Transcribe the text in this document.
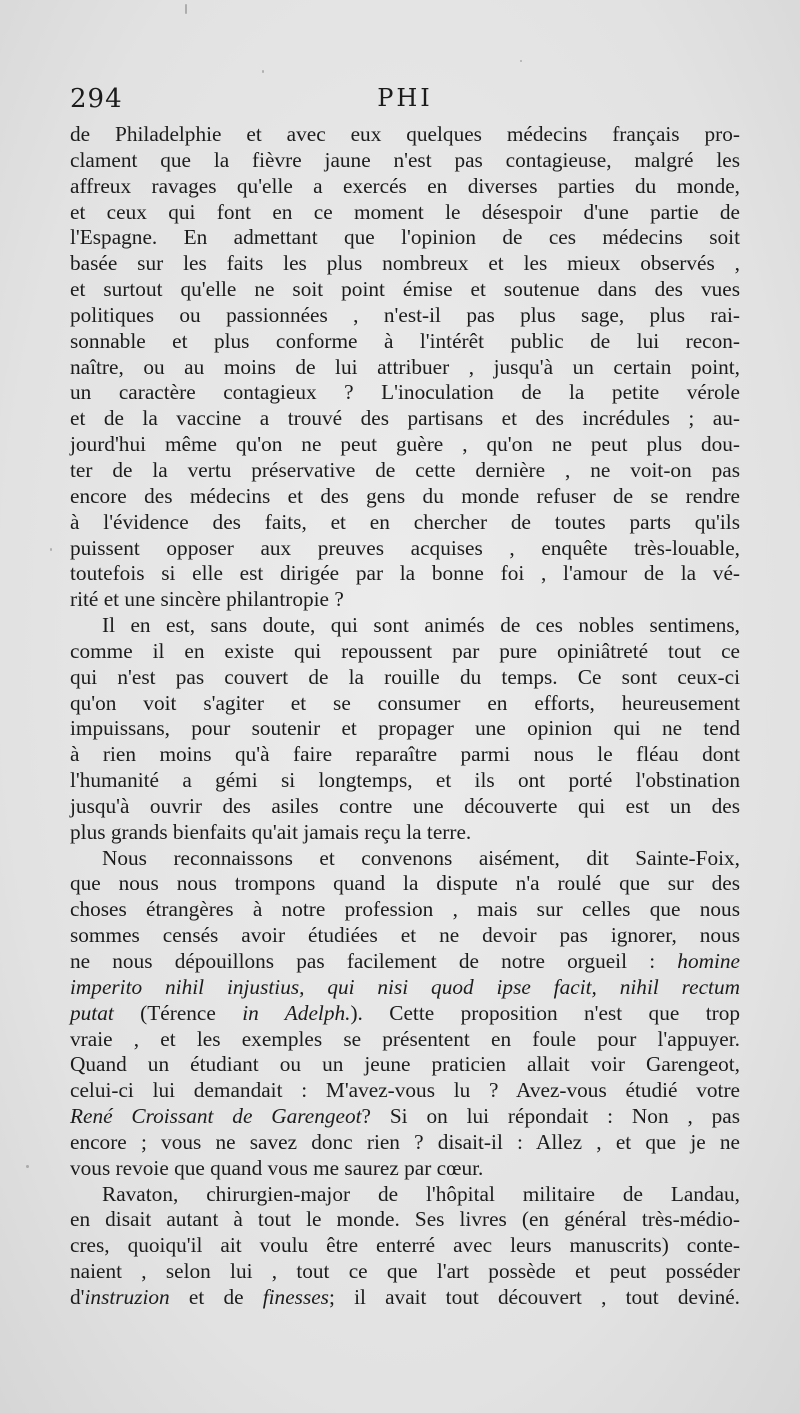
294	PHI
de Philadelphie et avec eux quelques médecins français pro-
clament que la fièvre jaune n'est pas contagieuse, malgré les
affreux ravages qu'elle a exercés en diverses parties du monde,
et ceux qui font en ce moment le désespoir d'une partie de
l'Espagne. En admettant que l'opinion de ces médecins soit
basée sur les faits les plus nombreux et les mieux observés ,
et surtout qu'elle ne soit point émise et soutenue dans des vues
politiques ou passionnées , n'est-il pas plus sage, plus rai-
sonnable et plus conforme à l'intérêt public de lui recon-
naître, ou au moins de lui attribuer , jusqu'à un certain point,
un caractère contagieux ? L'inoculation de la petite vérole
et de la vaccine a trouvé des partisans et des incrédules ; au-
jourd'hui même qu'on ne peut guère , qu'on ne peut plus dou-
ter de la vertu préservative de cette dernière , ne voit-on pas
encore des médecins et des gens du monde refuser de se rendre
à l'évidence des faits, et en chercher de toutes parts qu'ils
puissent opposer aux preuves acquises , enquête très-louable,
toutefois si elle est dirigée par la bonne foi , l'amour de la vé-
rité et une sincère philantropie ?
Il en est, sans doute, qui sont animés de ces nobles sentimens,
comme il en existe qui repoussent par pure opiniâtreté tout ce
qui n'est pas couvert de la rouille du temps. Ce sont ceux-ci
qu'on voit s'agiter et se consumer en efforts, heureusement
impuissans, pour soutenir et propager une opinion qui ne tend
à rien moins qu'à faire reparaître parmi nous le fléau dont
l'humanité a gémi si longtemps, et ils ont porté l'obstination
jusqu'à ouvrir des asiles contre une découverte qui est un des
plus grands bienfaits qu'ait jamais reçu la terre.
Nous reconnaissons et convenons aisément, dit Sainte-Foix,
que nous nous trompons quand la dispute n'a roulé que sur des
choses étrangères à notre profession , mais sur celles que nous
sommes censés avoir étudiées et ne devoir pas ignorer, nous
ne nous dépouillons pas facilement de notre orgueil : homine
imperito nihil injustius, qui nisi quod ipse facit, nihil rectum
putat (Térence in Adelph.). Cette proposition n'est que trop
vraie , et les exemples se présentent en foule pour l'appuyer.
Quand un étudiant ou un jeune praticien allait voir Garengeot,
celui-ci lui demandait : M'avez-vous lu ? Avez-vous étudié votre
René Croissant de Garengeot? Si on lui répondait : Non , pas
encore ; vous ne savez donc rien ? disait-il : Allez , et que je ne
vous revoie que quand vous me saurez par cœur.
Ravaton, chirurgien-major de l'hôpital militaire de Landau,
en disait autant à tout le monde. Ses livres (en général très-médio-
cres, quoiqu'il ait voulu être enterré avec leurs manuscrits) conte-
naient , selon lui , tout ce que l'art possède et peut posséder
d'instruzion et de finesses; il avait tout découvert , tout deviné.
